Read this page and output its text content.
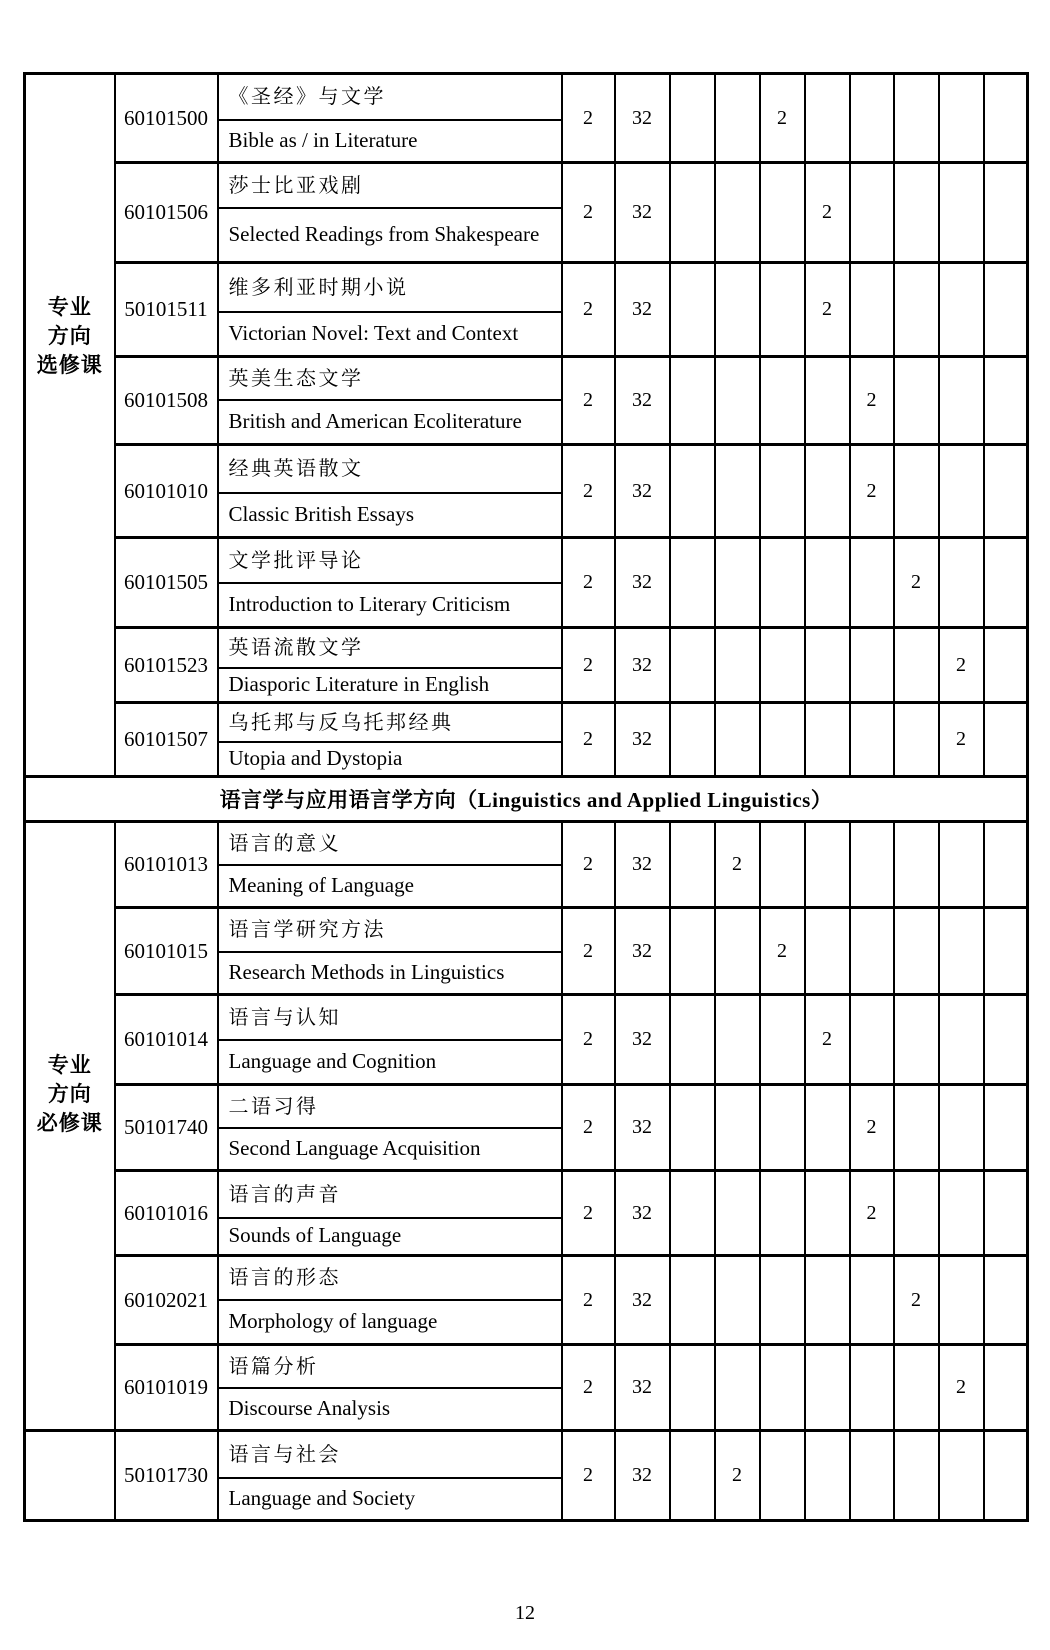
专业
方向
选修课	60101500	《圣经》与文学	2	32			2					
		Bible as / in Literature										
	60101506	莎士比亚戏剧	2	32				2				
		Selected Readings from Shakespeare										
	50101511	维多利亚时期小说	2	32				2				
		Victorian Novel: Text and Context										
	60101508	英美生态文学	2	32					2			
		British and American Ecoliterature										
	60101010	经典英语散文	2	32					2			
		Classic British Essays										
	60101505	文学批评导论	2	32						2		
		Introduction to Literary Criticism										
	60101523	英语流散文学	2	32							2	
		Diasporic Literature in English										
	60101507	乌托邦与反乌托邦经典	2	32							2	
		Utopia and Dystopia										
语言学与应用语言学方向（Linguistics and Applied Linguistics）												

专业
方向
必修课	60101013	语言的意义	2	32		2						
		Meaning of Language										
	60101015	语言学研究方法	2	32			2					
		Research Methods in Linguistics										
	60101014	语言与认知	2	32				2				
		Language and Cognition										
	50101740	二语习得	2	32					2			
		Second Language Acquisition										
	60101016	语言的声音	2	32					2			
		Sounds of Language										
	60102021	语言的形态	2	32						2		
		Morphology of language										
	60101019	语篇分析	2	32							2	
		Discourse Analysis										
	50101730	语言与社会	2	32		2						
		Language and Society										
12
